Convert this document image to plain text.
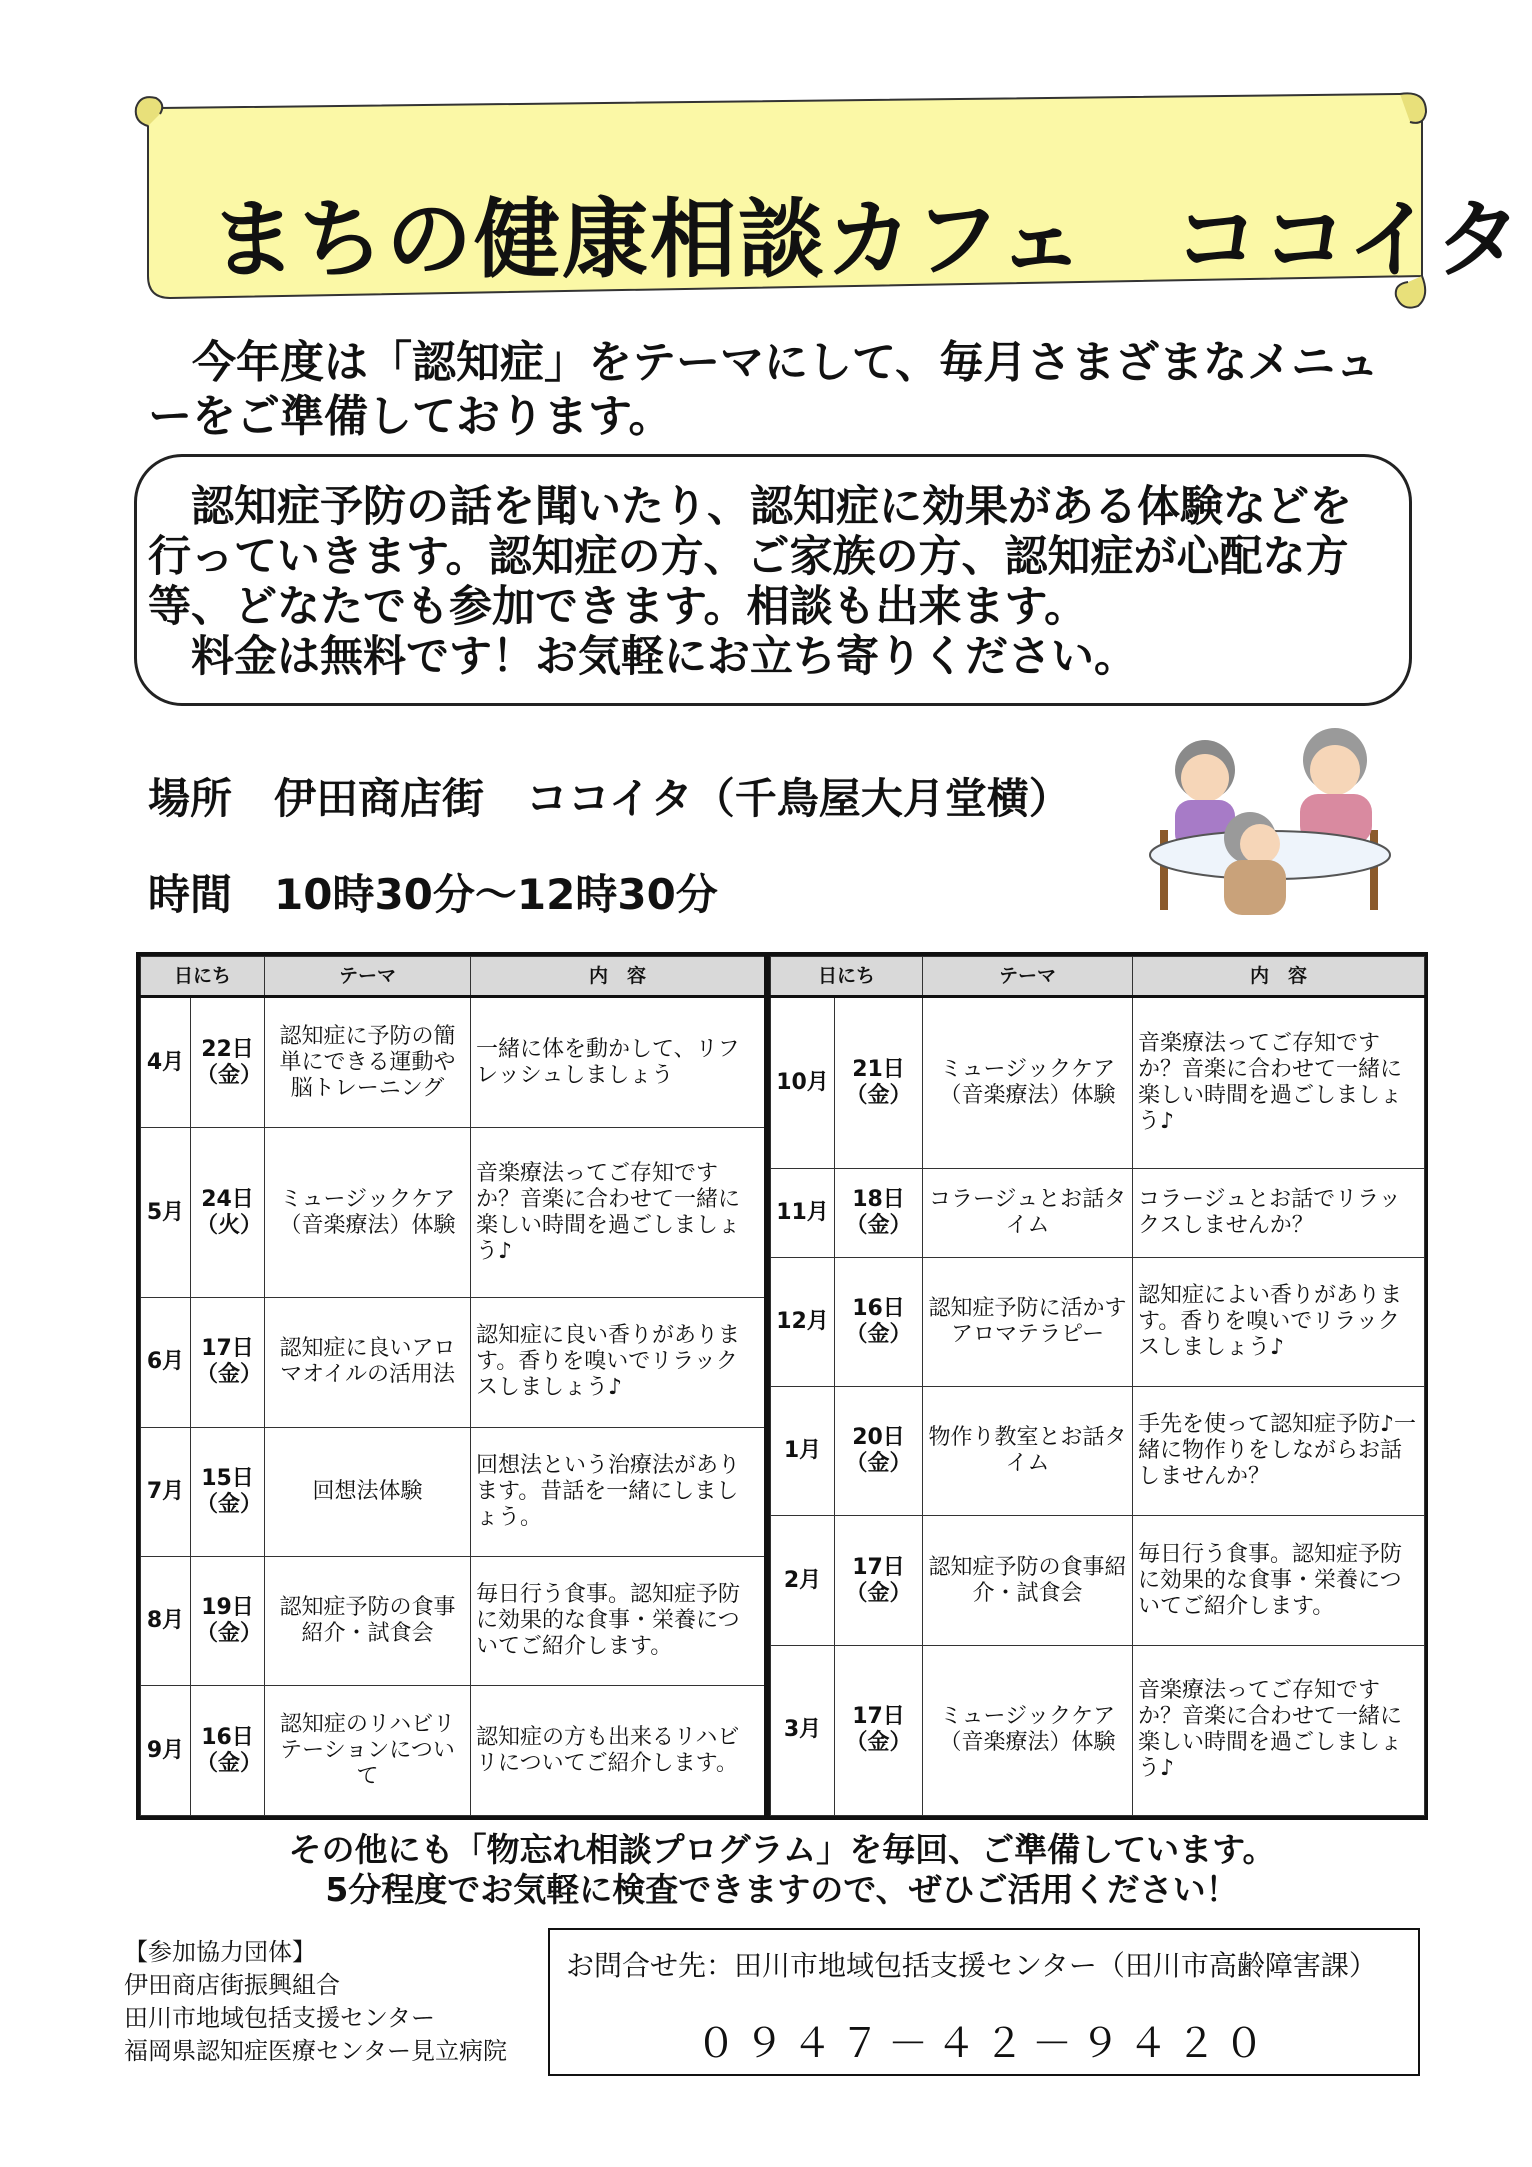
まちの健康相談カフェ　ココイタ
　今年度は「認知症」をテーマにして、毎月さまざまなメニューをご準備しております。

　認知症予防の話を聞いたり、認知症に効果がある体験などを

行っていきます。認知症の方、ご家族の方、認知症が心配な方

等、どなたでも参加できます。相談も出来ます。

　料金は無料です！お気軽にお立ち寄りください。

場所　伊田商店街　ココイタ（千鳥屋大月堂横）
時間　10時30分～12時30分
日にち		テーマ	内　容
4月	22日（金）	認知症に予防の簡単にできる運動や脳トレーニング	一緒に体を動かして、リフレッシュしましょう
5月	24日（火）	ミュージックケア（音楽療法）体験	音楽療法ってご存知ですか？音楽に合わせて一緒に楽しい時間を過ごしましょう♪
6月	17日（金）	認知症に良いアロマオイルの活用法	認知症に良い香りがあります。香りを嗅いでリラックスしましょう♪
7月	15日（金）	回想法体験	回想法という治療法があります。昔話を一緒にしましょう。
8月	19日（金）	認知症予防の食事紹介・試食会	毎日行う食事。認知症予防に効果的な食事・栄養についてご紹介します。
9月	16日（金）	認知症のリハビリテーションについて	認知症の方も出来るリハビリについてご紹介します。
日にち		テーマ	内　容
10月	21日（金）	ミュージックケア（音楽療法）体験	音楽療法ってご存知ですか？音楽に合わせて一緒に楽しい時間を過ごしましょう♪
11月	18日（金）	コラージュとお話タイム	コラージュとお話でリラックスしませんか？
12月	16日（金）	認知症予防に活かすアロマテラピー	認知症によい香りがあります。香りを嗅いでリラックスしましょう♪
1月	20日（金）	物作り教室とお話タイム	手先を使って認知症予防♪一緒に物作りをしながらお話しませんか？
2月	17日（金）	認知症予防の食事紹介・試食会	毎日行う食事。認知症予防に効果的な食事・栄養についてご紹介します。
3月	17日（金）	ミュージックケア（音楽療法）体験	音楽療法ってご存知ですか？音楽に合わせて一緒に楽しい時間を過ごしましょう♪
その他にも「物忘れ相談プログラム」を毎回、ご準備しています。
5分程度でお気軽に検査できますので、ぜひご活用ください！
【参加協力団体】
伊田商店街振興組合
田川市地域包括支援センター
福岡県認知症医療センター見立病院
お問合せ先：田川市地域包括支援センター（田川市高齢障害課）
０９４７－４２－９４２０
